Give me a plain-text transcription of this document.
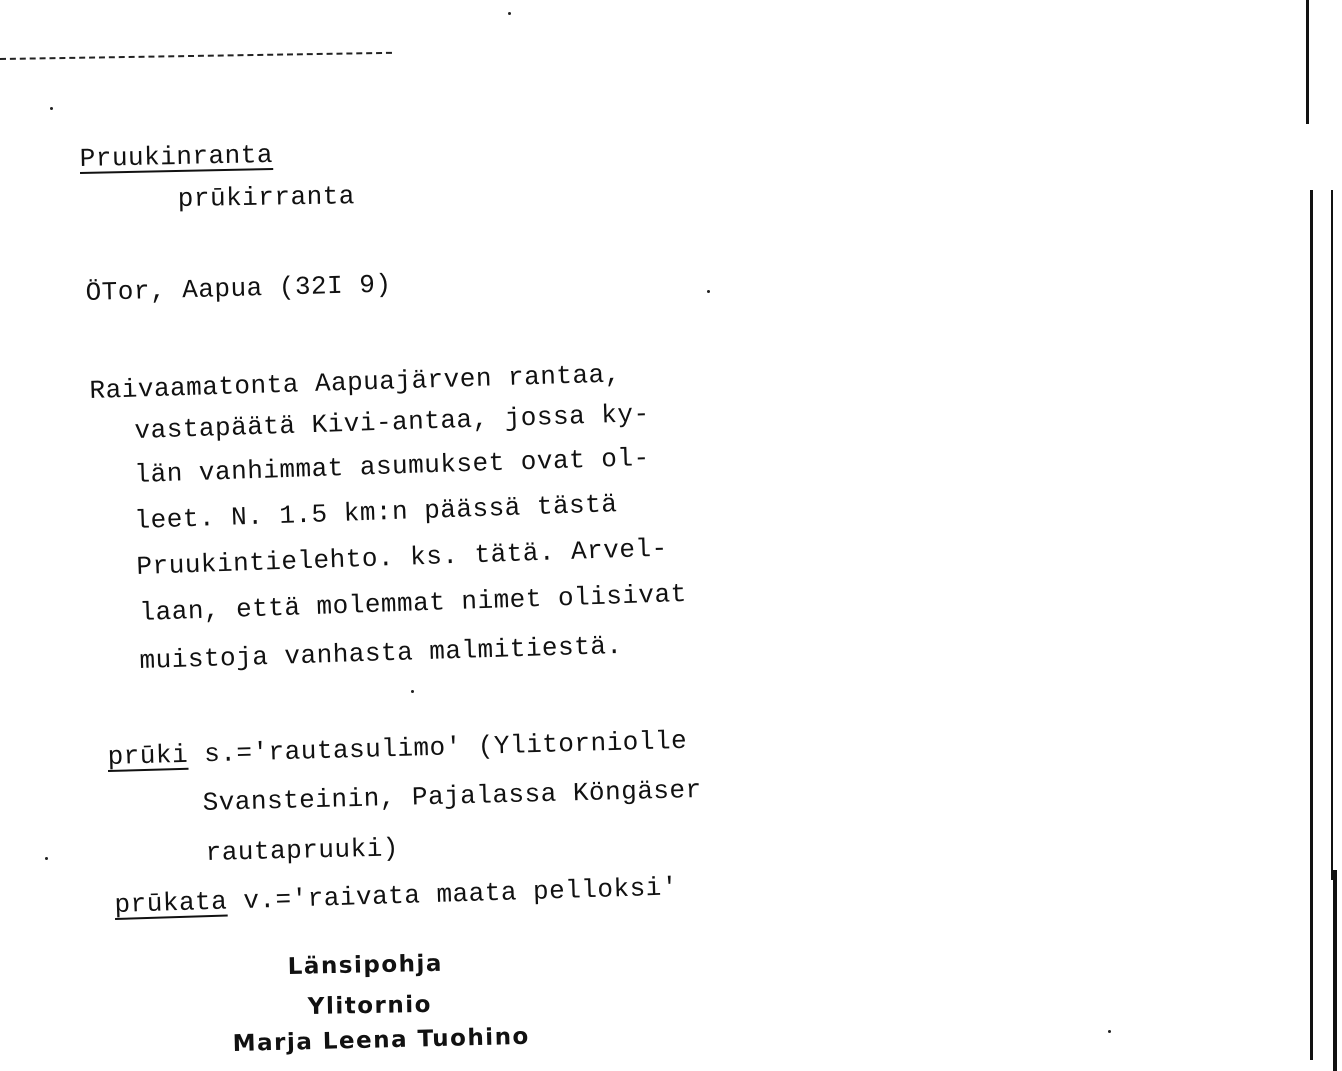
Pruukinranta
prūkirranta
ÖTor, Aapua (32I 9)
Raivaamatonta Aapuajärven rantaa,
vastapäätä Kivi-antaa, jossa ky-
län vanhimmat asumukset ovat ol-
leet. N. 1.5 km:n päässä tästä
Pruukintielehto. ks. tätä. Arvel-
laan, että molemmat nimet olisivat
muistoja vanhasta malmitiestä.
prūki s.='rautasulimo' (Ylitorniolle
Svansteinin, Pajalassa Köngäser
rautapruuki)
prūkata v.='raivata maata pelloksi'
Länsipohja
Ylitornio
Marja Leena Tuohino
